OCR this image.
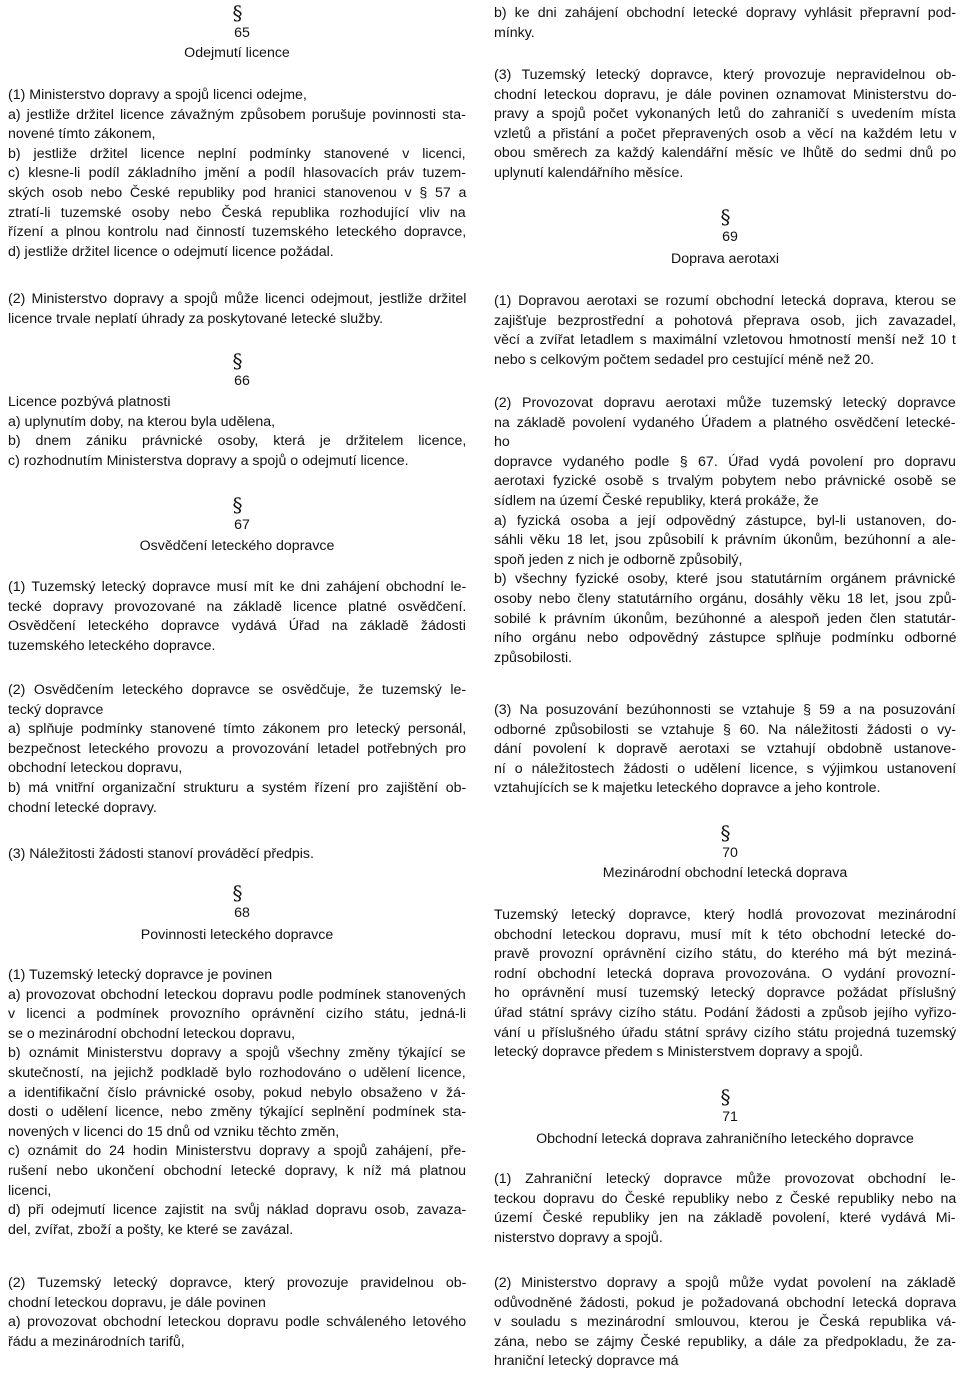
§ 65
Odejmutí licence
(1) Ministerstvo dopravy a spojů licenci odejme,
a) jestliže držitel licence závažným způsobem porušuje povinnosti sta-
novené tímto zákonem,
b) jestliže držitel licence neplní podmínky stanovené v licenci,
c) klesne-li podíl základního jmění a podíl hlasovacích práv tuzem-
ských osob nebo České republiky pod hranici stanovenou v § 57 a
ztratí-li tuzemské osoby nebo Česká republika rozhodující vliv na
řízení a plnou kontrolu nad činností tuzemského leteckého dopravce,
d) jestliže držitel licence o odejmutí licence požádal.
(2) Ministerstvo dopravy a spojů může licenci odejmout, jestliže držitel
licence trvale neplatí úhrady za poskytované letecké služby.
§ 66
Licence pozbývá platnosti
a) uplynutím doby, na kterou byla udělena,
b) dnem zániku právnické osoby, která je držitelem licence,
c) rozhodnutím Ministerstva dopravy a spojů o odejmutí licence.
§ 67
Osvědčení leteckého dopravce
(1) Tuzemský letecký dopravce musí mít ke dni zahájení obchodní le-
tecké dopravy provozované na základě licence platné osvědčení.
Osvědčení leteckého dopravce vydává Úřad na základě žádosti
tuzemského leteckého dopravce.
(2) Osvědčením leteckého dopravce se osvědčuje, že tuzemský le-
tecký dopravce
a) splňuje podmínky stanovené tímto zákonem pro letecký personál,
bezpečnost leteckého provozu a provozování letadel potřebných pro
obchodní leteckou dopravu,
b) má vnitřní organizační strukturu a systém řízení pro zajištění ob-
chodní letecké dopravy.
(3) Náležitosti žádosti stanoví prováděcí předpis.
§ 68
Povinnosti leteckého dopravce
(1) Tuzemský letecký dopravce je povinen
a) provozovat obchodní leteckou dopravu podle podmínek stanovených
v licenci a podmínek provozního oprávnění cizího státu, jedná-li
se o mezinárodní obchodní leteckou dopravu,
b) oznámit Ministerstvu dopravy a spojů všechny změny týkající se
skutečností, na jejichž podkladě bylo rozhodováno o udělení licence,
a identifikační číslo právnické osoby, pokud nebylo obsaženo v žá-
dosti o udělení licence, nebo změny týkající seplnění podmínek sta-
novených v licenci do 15 dnů od vzniku těchto změn,
c) oznámit do 24 hodin Ministerstvu dopravy a spojů zahájení, pře-
rušení nebo ukončení obchodní letecké dopravy, k níž má platnou
licenci,
d) při odejmutí licence zajistit na svůj náklad dopravu osob, zavaza-
del, zvířat, zboží a pošty, ke které se zavázal.
(2) Tuzemský letecký dopravce, který provozuje pravidelnou ob-
chodní leteckou dopravu, je dále povinen
a) provozovat obchodní leteckou dopravu podle schváleného letového
řádu a mezinárodních tarifů,
b) ke dni zahájení obchodní letecké dopravy vyhlásit přepravní pod-
mínky.
(3) Tuzemský letecký dopravce, který provozuje nepravidelnou ob-
chodní leteckou dopravu, je dále povinen oznamovat Ministerstvu do-
pravy a spojů počet vykonaných letů do zahraničí s uvedením místa
vzletů a přistání a počet přepravených osob a věcí na každém letu v
obou směrech za každý kalendářní měsíc ve lhůtě do sedmi dnů po
uplynutí kalendářního měsíce.
§ 69
Doprava aerotaxi
(1) Dopravou aerotaxi se rozumí obchodní letecká doprava, kterou se
zajišťuje bezprostřední a pohotová přeprava osob, jich zavazadel,
věcí a zvířat letadlem s maximální vzletovou hmotností menší než 10 t
nebo s celkovým počtem sedadel pro cestující méně než 20.
(2) Provozovat dopravu aerotaxi může tuzemský letecký dopravce
na základě povolení vydaného Úřadem a platného osvědčení letecké-
ho
dopravce vydaného podle § 67. Úřad vydá povolení pro dopravu
aerotaxi fyzické osobě s trvalým pobytem nebo právnické osobě se
sídlem na území České republiky, která prokáže, že
a) fyzická osoba a její odpovědný zástupce, byl-li ustanoven, do-
sáhli věku 18 let, jsou způsobilí k právním úkonům, bezúhonní a ale-
spoň jeden z nich je odborně způsobilý,
b) všechny fyzické osoby, které jsou statutárním orgánem právnické
osoby nebo členy statutárního orgánu, dosáhly věku 18 let, jsou způ-
sobilé k právním úkonům, bezúhonné a alespoň jeden člen statutár-
ního orgánu nebo odpovědný zástupce splňuje podmínku odborné
způsobilosti.
(3) Na posuzování bezúhonnosti se vztahuje § 59 a na posuzování
odborné způsobilosti se vztahuje § 60. Na náležitosti žádosti o vy-
dání povolení k dopravě aerotaxi se vztahují obdobně ustanove-
ní o náležitostech žádosti o udělení licence, s výjimkou ustanovení
vztahujících se k majetku leteckého dopravce a jeho kontrole.
§ 70
Mezinárodní obchodní letecká doprava
Tuzemský letecký dopravce, který hodlá provozovat mezinárodní
obchodní leteckou dopravu, musí mít k této obchodní letecké do-
pravě provozní oprávnění cizího státu, do kterého má být meziná-
rodní obchodní letecká doprava provozována. O vydání provozní-
ho oprávnění musí tuzemský letecký dopravce požádat příslušný
úřad státní správy cizího státu. Podání žádosti a způsob jejího vyřizo-
vání u příslušného úřadu státní správy cizího státu projedná tuzemský
letecký dopravce předem s Ministerstvem dopravy a spojů.
§ 71
Obchodní letecká doprava zahraničního leteckého dopravce
(1) Zahraniční letecký dopravce může provozovat obchodní le-
teckou dopravu do České republiky nebo z České republiky nebo na
území České republiky jen na základě povolení, které vydává Mi-
nisterstvo dopravy a spojů.
(2) Ministerstvo dopravy a spojů může vydat povolení na základě
odůvodněné žádosti, pokud je požadovaná obchodní letecká doprava
v souladu s mezinárodní smlouvou, kterou je Česká republika vá-
zána, nebo se zájmy České republiky, a dále za předpokladu, že za-
hraniční letecký dopravce má
